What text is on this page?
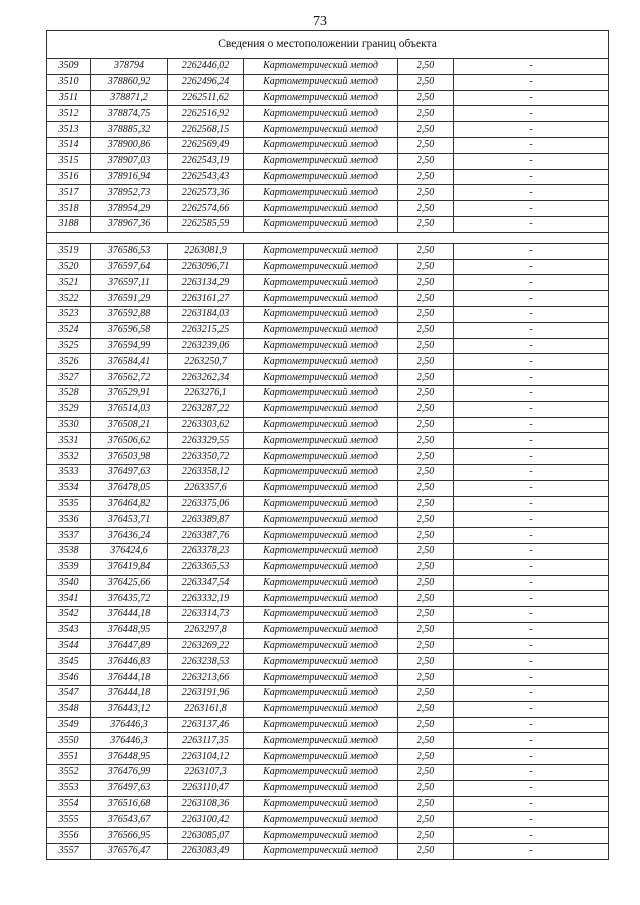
73
Сведения о местоположении границ объекта					
3509	378794	2262446,02	Картометрический метод	2,50	-
3510	378860,92	2262496,24	Картометрический метод	2,50	-
3511	378871,2	2262511,62	Картометрический метод	2,50	-
3512	378874,75	2262516,92	Картометрический метод	2,50	-
3513	378885,32	2262568,15	Картометрический метод	2,50	-
3514	378900,86	2262569,49	Картометрический метод	2,50	-
3515	378907,03	2262543,19	Картометрический метод	2,50	-
3516	378916,94	2262543,43	Картометрический метод	2,50	-
3517	378952,73	2262573,36	Картометрический метод	2,50	-
3518	378954,29	2262574,66	Картометрический метод	2,50	-
3188	378967,36	2262585,59	Картометрический метод	2,50	-

3519	376586,53	2263081,9	Картометрический метод	2,50	-
3520	376597,64	2263096,71	Картометрический метод	2,50	-
3521	376597,11	2263134,29	Картометрический метод	2,50	-
3522	376591,29	2263161,27	Картометрический метод	2,50	-
3523	376592,88	2263184,03	Картометрический метод	2,50	-
3524	376596,58	2263215,25	Картометрический метод	2,50	-
3525	376594,99	2263239,06	Картометрический метод	2,50	-
3526	376584,41	2263250,7	Картометрический метод	2,50	-
3527	376562,72	2263262,34	Картометрический метод	2,50	-
3528	376529,91	2263276,1	Картометрический метод	2,50	-
3529	376514,03	2263287,22	Картометрический метод	2,50	-
3530	376508,21	2263303,62	Картометрический метод	2,50	-
3531	376506,62	2263329,55	Картометрический метод	2,50	-
3532	376503,98	2263350,72	Картометрический метод	2,50	-
3533	376497,63	2263358,12	Картометрический метод	2,50	-
3534	376478,05	2263357,6	Картометрический метод	2,50	-
3535	376464,82	2263375,06	Картометрический метод	2,50	-
3536	376453,71	2263389,87	Картометрический метод	2,50	-
3537	376436,24	2263387,76	Картометрический метод	2,50	-
3538	376424,6	2263378,23	Картометрический метод	2,50	-
3539	376419,84	2263365,53	Картометрический метод	2,50	-
3540	376425,66	2263347,54	Картометрический метод	2,50	-
3541	376435,72	2263332,19	Картометрический метод	2,50	-
3542	376444,18	2263314,73	Картометрический метод	2,50	-
3543	376448,95	2263297,8	Картометрический метод	2,50	-
3544	376447,89	2263269,22	Картометрический метод	2,50	-
3545	376446,83	2263238,53	Картометрический метод	2,50	-
3546	376444,18	2263213,66	Картометрический метод	2,50	-
3547	376444,18	2263191,96	Картометрический метод	2,50	-
3548	376443,12	2263161,8	Картометрический метод	2,50	-
3549	376446,3	2263137,46	Картометрический метод	2,50	-
3550	376446,3	2263117,35	Картометрический метод	2,50	-
3551	376448,95	2263104,12	Картометрический метод	2,50	-
3552	376476,99	2263107,3	Картометрический метод	2,50	-
3553	376497,63	2263110,47	Картометрический метод	2,50	-
3554	376516,68	2263108,36	Картометрический метод	2,50	-
3555	376543,67	2263100,42	Картометрический метод	2,50	-
3556	376566,95	2263085,07	Картометрический метод	2,50	-
3557	376576,47	2263083,49	Картометрический метод	2,50	-
